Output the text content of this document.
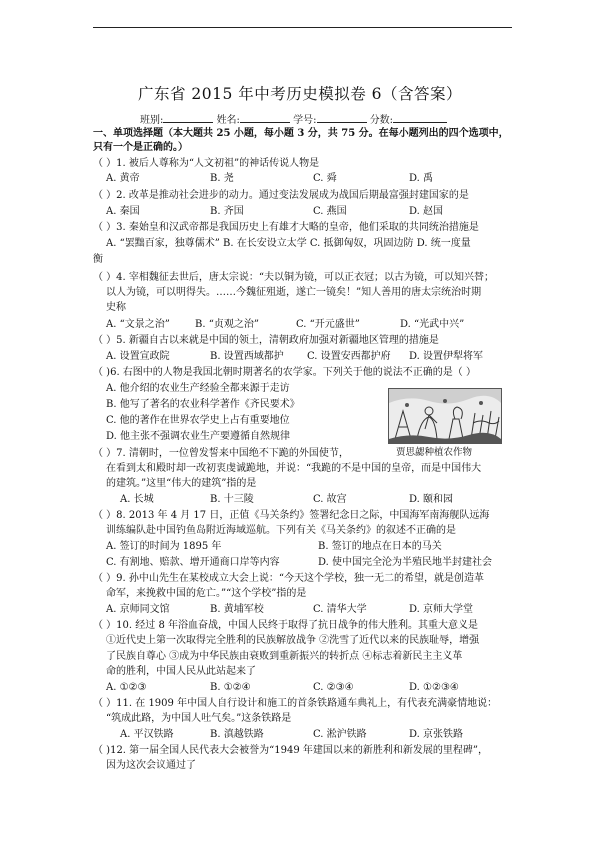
广东省 2015 年中考历史模拟卷 6（含答案）
班别:	姓名:	学号:	分数:
一、单项选择题（本大题共 25 小题，每小题 3 分，共 75 分。在每小题列出的四个选项中，
只有一个是正确的。）
（ ）1. 被后人尊称为“人文初祖”的神话传说人物是
A. 黄帝	B. 尧	C. 舜	D. 禹
（ ）2. 改革是推动社会进步的动力。通过变法发展成为战国后期最富强封建国家的是
A. 秦国	B. 齐国	C. 燕国	D. 赵国
（ ）3. 秦始皇和汉武帝都是我国历史上有雄才大略的皇帝，他们采取的共同统治措施是
A. “罢黜百家，独尊儒术” B. 在长安设立太学 C. 抵御匈奴，巩固边防 D. 统一度量
衡
（ ）4. 宰相魏征去世后，唐太宗说：“夫以铜为镜，可以正衣冠；以古为镜，可以知兴替；
以人为镜，可以明得失。……今魏征殂逝，遂亡一镜矣！”知人善用的唐太宗统治时期
史称
A. “文景之治”	B. “贞观之治”	C. “开元盛世”	D. “光武中兴”
（ ）5. 新疆自古以来就是中国的领土，清朝政府加强对新疆地区管理的措施是
A. 设置宣政院	B. 设置西域都护 C. 设置安西都护府 D. 设置伊犁将军
（ )6. 右图中的人物是我国北朝时期著名的农学家。下列关于他的说法不正确的是（ ）
A. 他介绍的农业生产经验全都来源于走访
B. 他写了著名的农业科学著作《齐民要术》
C. 他的著作在世界农学史上占有重要地位
D. 他主张不强调农业生产要遵循自然规律
贾思勰种植农作物
（ ）7. 清朝时，一位曾发誓来中国绝不下跪的外国使节，
在看到太和殿时却一改初衷虔诚跪地，并说：“我跪的不是中国的皇帝，而是中国伟大
的建筑。”这里“伟大的建筑”指的是
A. 长城	B. 十三陵	C. 故宫	D. 颐和园
（ ）8. 2013 年 4 月 17 日，正值《马关条约》签署纪念日之际，中国海军南海舰队远海
训练编队赴中国钓鱼岛附近海域巡航。下列有关《马关条约》的叙述不正确的是
A. 签订的时间为 1895 年	B. 签订的地点在日本的马关
C. 有割地、赔款、增开通商口岸等内容	D. 使中国完全沦为半殖民地半封建社会
（ ）9. 孙中山先生在某校成立大会上说：“今天这个学校，独一无二的希望，就是创造革
命军，来挽救中国的危亡。”“这个学校”指的是
A. 京师同文馆	B. 黄埔军校	C. 清华大学	D. 京师大学堂
（ ）10. 经过 8 年浴血奋战，中国人民终于取得了抗日战争的伟大胜利。其重大意义是
①近代史上第一次取得完全胜利的民族解放战争 ②洗雪了近代以来的民族耻辱，增强
了民族自尊心 ③成为中华民族由衰败到重新振兴的转折点 ④标志着新民主主义革
命的胜利，中国人民从此站起来了
A. ①②③	B. ①②④	C. ②③④	D. ①②③④
（ ）11. 在 1909 年中国人自行设计和施工的首条铁路通车典礼上，有代表充满豪情地说：
“筑成此路，为中国人吐气矣。”这条铁路是
A. 平汉铁路	B. 滇越铁路	C. 淞沪铁路	D. 京张铁路
（ )12. 第一届全国人民代表大会被誉为“1949 年建国以来的新胜利和新发展的里程碑”，
因为这次会议通过了
